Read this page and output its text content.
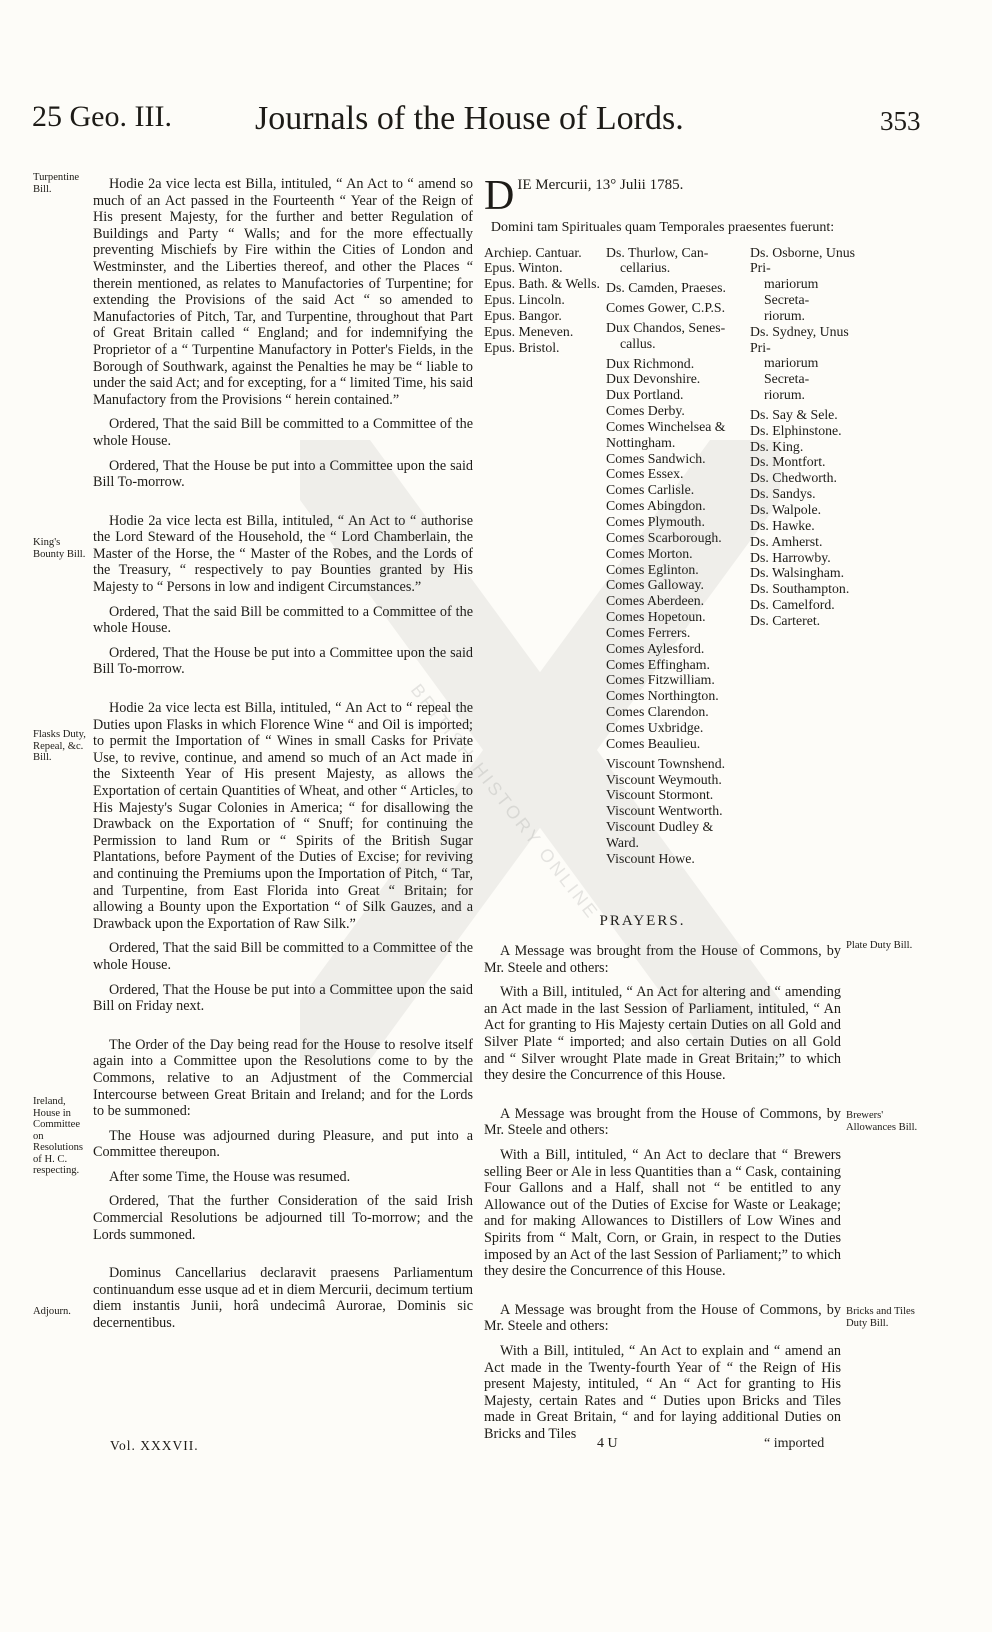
25 Geo. III. Journals of the House of Lords.	353

Hodie 2a vice lecta est Billa, intituled, “ An Act to “ amend so much of an Act passed in the Fourteenth “ Year of the Reign of His present Majesty, for the further and better Regulation of Buildings and Party “ Walls; and for the more effectually preventing Mischiefs by Fire within the Cities of London and Westminster, and the Liberties thereof, and other the Places “ therein mentioned, as relates to Manufactories of Turpentine; for extending the Provisions of the said Act “ so amended to Manufactories of Pitch, Tar, and Turpentine, throughout that Part of Great Britain called “ England; and for indemnifying the Proprietor of a “ Turpentine Manufactory in Potter's Fields, in the Borough of Southwark, against the Penalties he may be “ liable to under the said Act; and for excepting, for a “ limited Time, his said Manufactory from the Provisions “ herein contained.”

Ordered, That the said Bill be committed to a Committee of the whole House.

Ordered, That the House be put into a Committee upon the said Bill To-morrow.

Hodie 2a vice lecta est Billa, intituled, “ An Act to “ authorise the Lord Steward of the Household, the “ Lord Chamberlain, the Master of the Horse, the “ Master of the Robes, and the Lords of the Treasury, “ respectively to pay Bounties granted by His Majesty to “ Persons in low and indigent Circumstances.”

Ordered, That the said Bill be committed to a Committee of the whole House.

Ordered, That the House be put into a Committee upon the said Bill To-morrow.

Hodie 2a vice lecta est Billa, intituled, “ An Act to “ repeal the Duties upon Flasks in which Florence Wine “ and Oil is imported; to permit the Importation of “ Wines in small Casks for Private Use, to revive, continue, and amend so much of an Act made in the Sixteenth Year of His present Majesty, as allows the Exportation of certain Quantities of Wheat, and other “ Articles, to His Majesty's Sugar Colonies in America; “ for disallowing the Drawback on the Exportation of “ Snuff; for continuing the Permission to land Rum or “ Spirits of the British Sugar Plantations, before Payment of the Duties of Excise; for reviving and continuing the Premiums upon the Importation of Pitch, “ Tar, and Turpentine, from East Florida into Great “ Britain; for allowing a Bounty upon the Exportation “ of Silk Gauzes, and a Drawback upon the Exportation of Raw Silk.”

Ordered, That the said Bill be committed to a Committee of the whole House.

Ordered, That the House be put into a Committee upon the said Bill on Friday next.

The Order of the Day being read for the House to resolve itself again into a Committee upon the Resolutions come to by the Commons, relative to an Adjustment of the Commercial Intercourse between Great Britain and Ireland; and for the Lords to be summoned:

The House was adjourned during Pleasure, and put into a Committee thereupon.

After some Time, the House was resumed.

Ordered, That the further Consideration of the said Irish Commercial Resolutions be adjourned till To-morrow; and the Lords summoned.

Dominus Cancellarius declaravit praesens Parliamentum continuandum esse usque ad et in diem Mercurii, decimum tertium diem instantis Junii, horâ undecimâ Aurorae, Dominis sic decernentibus.

Turpentine Bill.
King's Bounty Bill.
Flasks Duty, Repeal, &c. Bill.
Ireland, House in Committee on Resolutions of H. C. respecting.
Adjourn.
D IE Mercurii, 13° Julii 1785.
Domini tam Spirituales quam Temporales praesentes fuerunt:
Archiep. Cantuar.
Epus. Winton.
Epus. Bath. & Wells.
Epus. Lincoln.
Epus. Bangor.
Epus. Meneven.
Epus. Bristol.
Ds. Thurlow, Can-
cellarius.
Ds. Camden, Praeses.
Comes Gower, C.P.S.
Dux Chandos, Senes-
callus.
Dux Richmond.
Dux Devonshire.
Dux Portland.
Comes Derby.
Comes Winchelsea &
Nottingham.
Comes Sandwich.
Comes Essex.
Comes Carlisle.
Comes Abingdon.
Comes Plymouth.
Comes Scarborough.
Comes Morton.
Comes Eglinton.
Comes Galloway.
Comes Aberdeen.
Comes Hopetoun.
Comes Ferrers.
Comes Aylesford.
Comes Effingham.
Comes Fitzwilliam.
Comes Northington.
Comes Clarendon.
Comes Uxbridge.
Comes Beaulieu.
Viscount Townshend.
Viscount Weymouth.
Viscount Stormont.
Viscount Wentworth.
Viscount Dudley &
Ward.
Viscount Howe.
Ds. Osborne, Unus Pri-
mariorum Secreta-
riorum.
Ds. Sydney, Unus Pri-
mariorum Secreta-
riorum.
Ds. Say & Sele.
Ds. Elphinstone.
Ds. King.
Ds. Montfort.
Ds. Chedworth.
Ds. Sandys.
Ds. Walpole.
Ds. Hawke.
Ds. Amherst.
Ds. Harrowby.
Ds. Walsingham.
Ds. Southampton.
Ds. Camelford.
Ds. Carteret.
PRAYERS.

A Message was brought from the House of Commons, by Mr. Steele and others:

With a Bill, intituled, “ An Act for altering and “ amending an Act made in the last Session of Parliament, intituled, “ An Act for granting to His Majesty certain Duties on all Gold and Silver Plate “ imported; and also certain Duties on all Gold and “ Silver wrought Plate made in Great Britain;” to which they desire the Concurrence of this House.

A Message was brought from the House of Commons, by Mr. Steele and others:

With a Bill, intituled, “ An Act to declare that “ Brewers selling Beer or Ale in less Quantities than a “ Cask, containing Four Gallons and a Half, shall not “ be entitled to any Allowance out of the Duties of Excise for Waste or Leakage; and for making Allowances to Distillers of Low Wines and Spirits from “ Malt, Corn, or Grain, in respect to the Duties imposed by an Act of the last Session of Parliament;” to which they desire the Concurrence of this House.

A Message was brought from the House of Commons, by Mr. Steele and others:

With a Bill, intituled, “ An Act to explain and “ amend an Act made in the Twenty-fourth Year of “ the Reign of His present Majesty, intituled, “ An “ Act for granting to His Majesty, certain Rates and “ Duties upon Bricks and Tiles made in Great Britain, “ and for laying additional Duties on Bricks and Tiles

Plate Duty Bill.
Brewers' Allowances Bill.
Bricks and Tiles Duty Bill.
Vol. XXXVII.	4 U	“ imported
BRITISH HISTORY ONLINE
